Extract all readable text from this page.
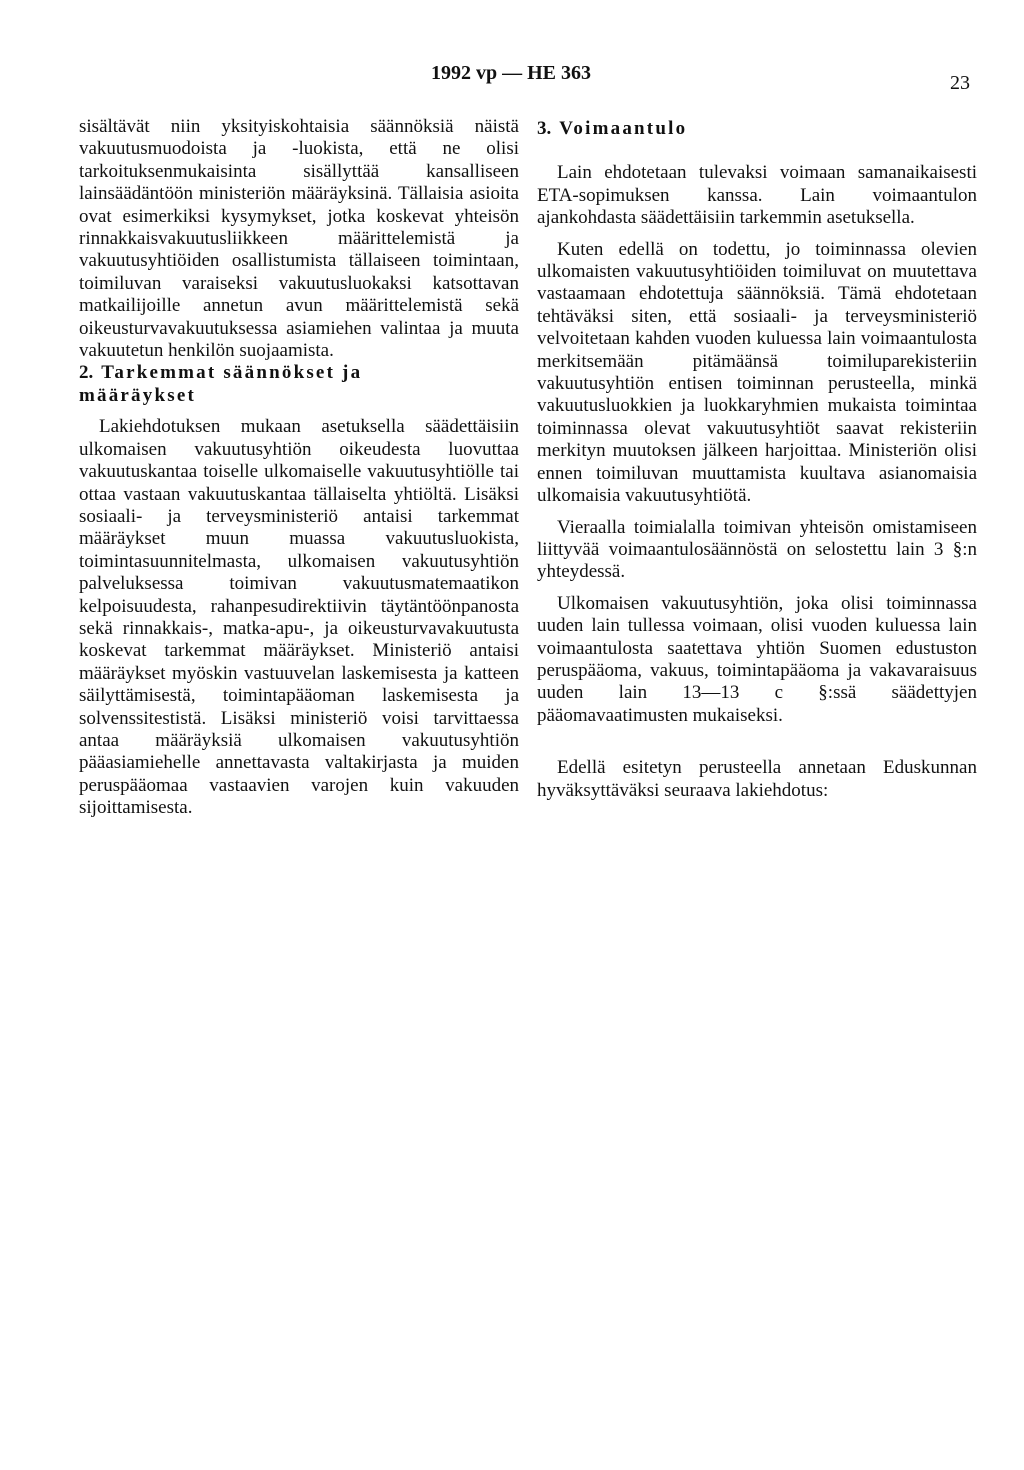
1992 vp — HE 363	23

sisältävät niin yksityiskohtaisia säännöksiä näistä vakuutusmuodoista ja -luokista, että ne olisi tarkoituksenmukaisinta sisällyttää kansalliseen lainsäädäntöön ministeriön määräyksinä. Tällaisia asioita ovat esimerkiksi kysymykset, jotka koskevat yhteisön rinnakkaisvakuutusliikkeen määrittelemistä ja vakuutusyhtiöiden osallistumista tällaiseen toimintaan, toimiluvan varaiseksi vakuutusluokaksi katsottavan matkailijoille annetun avun määrittelemistä sekä oikeusturvavakuutuksessa asiamiehen valintaa ja muuta vakuutetun henkilön suojaamista.

2. Tarkemmat säännökset ja
määräykset

Lakiehdotuksen mukaan asetuksella säädettäisiin ulkomaisen vakuutusyhtiön oikeudesta luovuttaa vakuutuskantaa toiselle ulkomaiselle vakuutusyhtiölle tai ottaa vastaan vakuutuskantaa tällaiselta yhtiöltä. Lisäksi sosiaali- ja terveysministeriö antaisi tarkemmat määräykset muun muassa vakuutusluokista, toimintasuunnitelmasta, ulkomaisen vakuutusyhtiön palveluksessa toimivan vakuutusmatemaatikon kelpoisuudesta, rahanpesudirektiivin täytäntöönpanosta sekä rinnakkais-, matka-apu-, ja oikeusturvavakuutusta koskevat tarkemmat määräykset. Ministeriö antaisi määräykset myöskin vastuuvelan laskemisesta ja katteen säilyttämisestä, toimintapääoman laskemisesta ja solvenssitestistä. Lisäksi ministeriö voisi tarvittaessa antaa määräyksiä ulkomaisen vakuutusyhtiön pääasiamiehelle annettavasta valtakirjasta ja muiden peruspääomaa vastaavien varojen kuin vakuuden sijoittamisesta.

3. Voimaantulo

Lain ehdotetaan tulevaksi voimaan samanaikaisesti ETA-sopimuksen kanssa. Lain voimaantulon ajankohdasta säädettäisiin tarkemmin asetuksella.

Kuten edellä on todettu, jo toiminnassa olevien ulkomaisten vakuutusyhtiöiden toimiluvat on muutettava vastaamaan ehdotettuja säännöksiä. Tämä ehdotetaan tehtäväksi siten, että sosiaali- ja terveysministeriö velvoitetaan kahden vuoden kuluessa lain voimaantulosta merkitsemään pitämäänsä toimiluparekisteriin vakuutusyhtiön entisen toiminnan perusteella, minkä vakuutusluokkien ja luokkaryhmien mukaista toimintaa toiminnassa olevat vakuutusyhtiöt saavat rekisteriin merkityn muutoksen jälkeen harjoittaa. Ministeriön olisi ennen toimiluvan muuttamista kuultava asianomaisia ulkomaisia vakuutusyhtiötä.

Vieraalla toimialalla toimivan yhteisön omistamiseen liittyvää voimaantulosäännöstä on selostettu lain 3 §:n yhteydessä.

Ulkomaisen vakuutusyhtiön, joka olisi toiminnassa uuden lain tullessa voimaan, olisi vuoden kuluessa lain voimaantulosta saatettava yhtiön Suomen edustuston peruspääoma, vakuus, toimintapääoma ja vakavaraisuus uuden lain 13—13 c §:ssä säädettyjen pääomavaatimusten mukaiseksi.

Edellä esitetyn perusteella annetaan Eduskunnan hyväksyttäväksi seuraava lakiehdotus:
